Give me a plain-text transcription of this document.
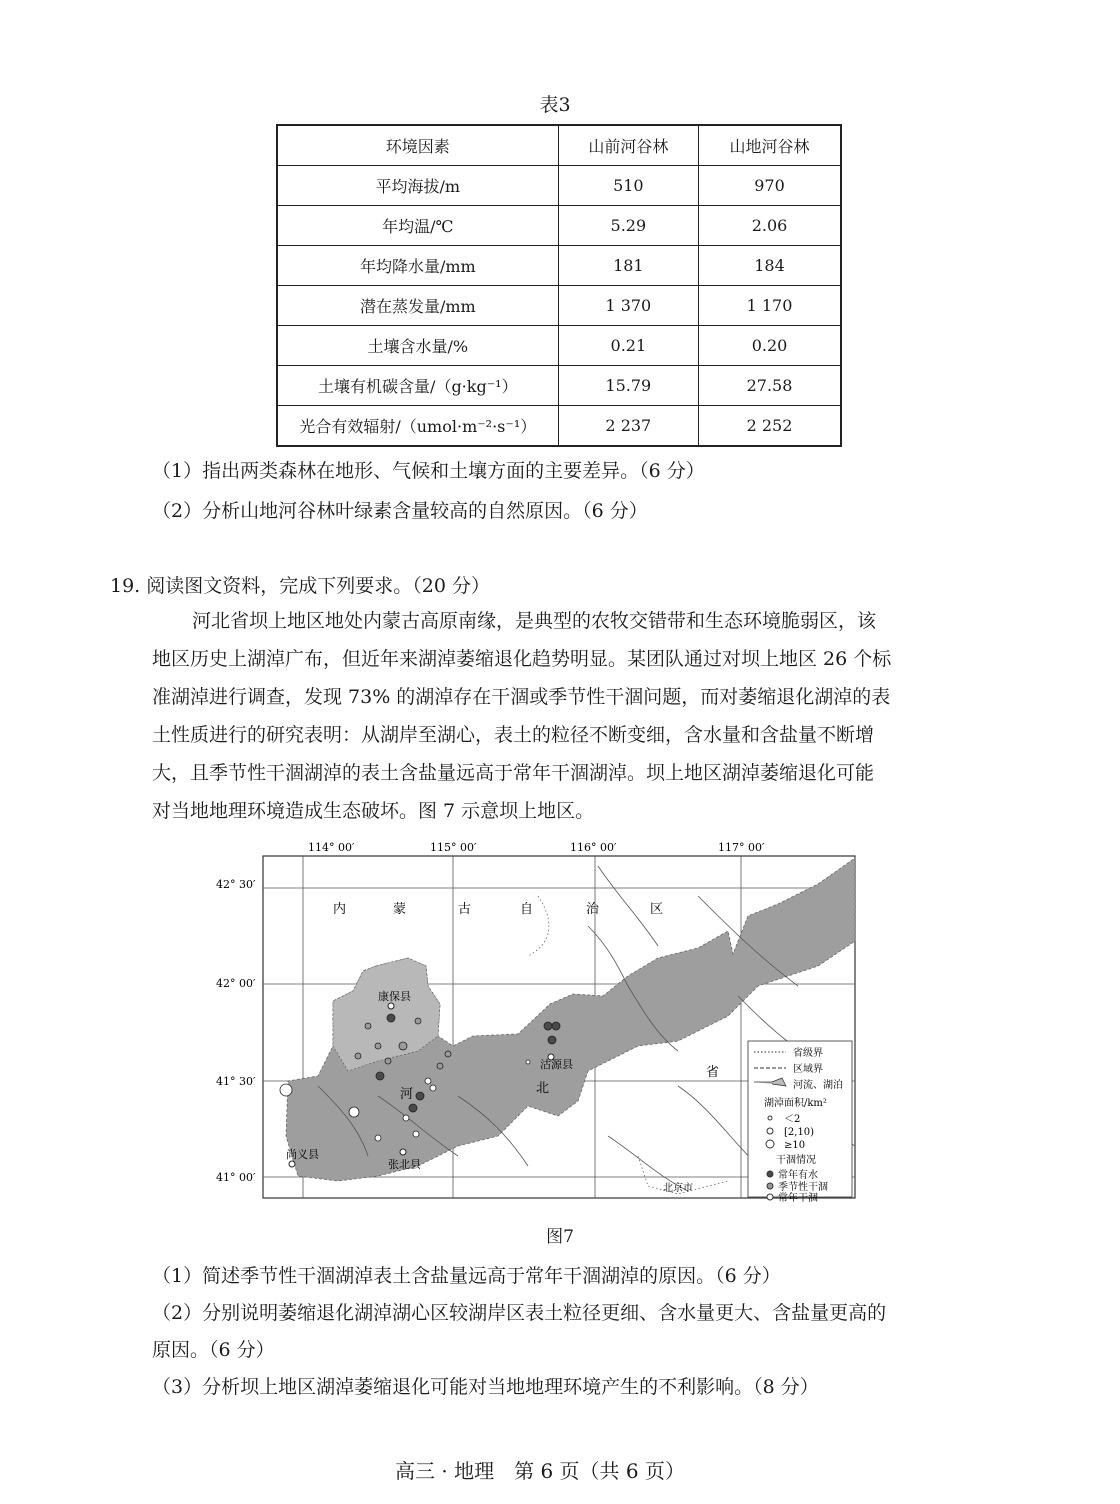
表3
环境因素	山前河谷林	山地河谷林
平均海拔/m	510	970
年均温/℃	5.29	2.06
年均降水量/mm	181	184
潜在蒸发量/mm	1 370	1 170
土壤含水量/%	0.21	0.20
土壤有机碳含量/（g·kg⁻¹）	15.79	27.58
光合有效辐射/（umol·m⁻²·s⁻¹）	2 237	2 252
（1）指出两类森林在地形、气候和土壤方面的主要差异。（6 分）
（2）分析山地河谷林叶绿素含量较高的自然原因。（6 分）
19. 阅读图文资料，完成下列要求。（20 分）
河北省坝上地区地处内蒙古高原南缘，是典型的农牧交错带和生态环境脆弱区，该
地区历史上湖淖广布，但近年来湖淖萎缩退化趋势明显。某团队通过对坝上地区 26 个标
准湖淖进行调查，发现 73% 的湖淖存在干涸或季节性干涸问题，而对萎缩退化湖淖的表
土性质进行的研究表明：从湖岸至湖心，表土的粒径不断变细，含水量和含盐量不断增
大，且季节性干涸湖淖的表土含盐量远高于常年干涸湖淖。坝上地区湖淖萎缩退化可能
对当地地理环境造成生态破坏。图 7 示意坝上地区。
114° 00′	115° 00′	116° 00′	117° 00′
42° 30′
42° 00′
41° 30′
41° 00′
内	蒙	古	自	治	区
河	北
省
康保县
沽源县
尚义县
张北县
北京市
省级界
区域界
河流、湖泊
湖淖面积/km²
＜2
[2,10)
≥10
干涸情况
常年有水
季节性干涸
常年干涸
图7
（1）简述季节性干涸湖淖表土含盐量远高于常年干涸湖淖的原因。（6 分）
（2）分别说明萎缩退化湖淖湖心区较湖岸区表土粒径更细、含水量更大、含盐量更高的
原因。（6 分）
（3）分析坝上地区湖淖萎缩退化可能对当地地理环境产生的不利影响。（8 分）
高三 · 地理　第 6 页（共 6 页）
